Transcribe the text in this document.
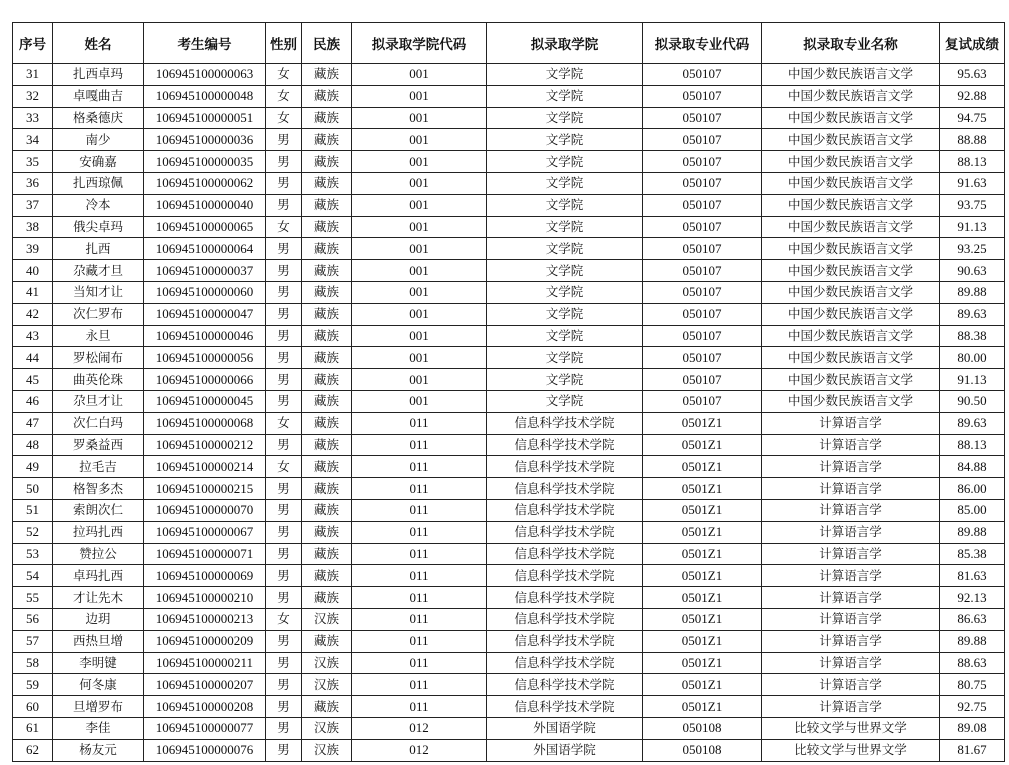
序号	姓名	考生编号	性别	民族	拟录取学院代码	拟录取学院	拟录取专业代码	拟录取专业名称	复试成绩
31	扎西卓玛	106945100000063	女	藏族	001	文学院	050107	中国少数民族语言文学	95.63
32	卓嘎曲吉	106945100000048	女	藏族	001	文学院	050107	中国少数民族语言文学	92.88
33	格桑德庆	106945100000051	女	藏族	001	文学院	050107	中国少数民族语言文学	94.75
34	南少	106945100000036	男	藏族	001	文学院	050107	中国少数民族语言文学	88.88
35	安确嘉	106945100000035	男	藏族	001	文学院	050107	中国少数民族语言文学	88.13
36	扎西琼佩	106945100000062	男	藏族	001	文学院	050107	中国少数民族语言文学	91.63
37	冷本	106945100000040	男	藏族	001	文学院	050107	中国少数民族语言文学	93.75
38	俄尖卓玛	106945100000065	女	藏族	001	文学院	050107	中国少数民族语言文学	91.13
39	扎西	106945100000064	男	藏族	001	文学院	050107	中国少数民族语言文学	93.25
40	尕藏才旦	106945100000037	男	藏族	001	文学院	050107	中国少数民族语言文学	90.63
41	当知才让	106945100000060	男	藏族	001	文学院	050107	中国少数民族语言文学	89.88
42	次仁罗布	106945100000047	男	藏族	001	文学院	050107	中国少数民族语言文学	89.63
43	永旦	106945100000046	男	藏族	001	文学院	050107	中国少数民族语言文学	88.38
44	罗松闹布	106945100000056	男	藏族	001	文学院	050107	中国少数民族语言文学	80.00
45	曲英伦珠	106945100000066	男	藏族	001	文学院	050107	中国少数民族语言文学	91.13
46	尕旦才让	106945100000045	男	藏族	001	文学院	050107	中国少数民族语言文学	90.50
47	次仁白玛	106945100000068	女	藏族	011	信息科学技术学院	0501Z1	计算语言学	89.63
48	罗桑益西	106945100000212	男	藏族	011	信息科学技术学院	0501Z1	计算语言学	88.13
49	拉毛吉	106945100000214	女	藏族	011	信息科学技术学院	0501Z1	计算语言学	84.88
50	格智多杰	106945100000215	男	藏族	011	信息科学技术学院	0501Z1	计算语言学	86.00
51	索朗次仁	106945100000070	男	藏族	011	信息科学技术学院	0501Z1	计算语言学	85.00
52	拉玛扎西	106945100000067	男	藏族	011	信息科学技术学院	0501Z1	计算语言学	89.88
53	赞拉公	106945100000071	男	藏族	011	信息科学技术学院	0501Z1	计算语言学	85.38
54	卓玛扎西	106945100000069	男	藏族	011	信息科学技术学院	0501Z1	计算语言学	81.63
55	才让先木	106945100000210	男	藏族	011	信息科学技术学院	0501Z1	计算语言学	92.13
56	边玥	106945100000213	女	汉族	011	信息科学技术学院	0501Z1	计算语言学	86.63
57	西热旦增	106945100000209	男	藏族	011	信息科学技术学院	0501Z1	计算语言学	89.88
58	李明键	106945100000211	男	汉族	011	信息科学技术学院	0501Z1	计算语言学	88.63
59	何冬康	106945100000207	男	汉族	011	信息科学技术学院	0501Z1	计算语言学	80.75
60	旦增罗布	106945100000208	男	藏族	011	信息科学技术学院	0501Z1	计算语言学	92.75
61	李佳	106945100000077	男	汉族	012	外国语学院	050108	比较文学与世界文学	89.08
62	杨友元	106945100000076	男	汉族	012	外国语学院	050108	比较文学与世界文学	81.67
